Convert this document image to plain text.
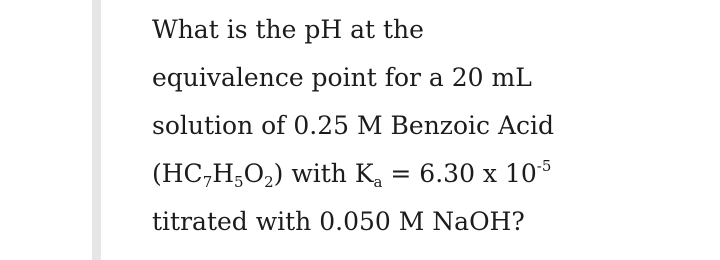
What is the pH at the
equivalence point for a 20 mL
solution of 0.25 M Benzoic Acid
$(HC_7H_5O_2)$ with $K_a = 6.30$ x $10^{-5}$
titrated with 0.050 M NaOH?
